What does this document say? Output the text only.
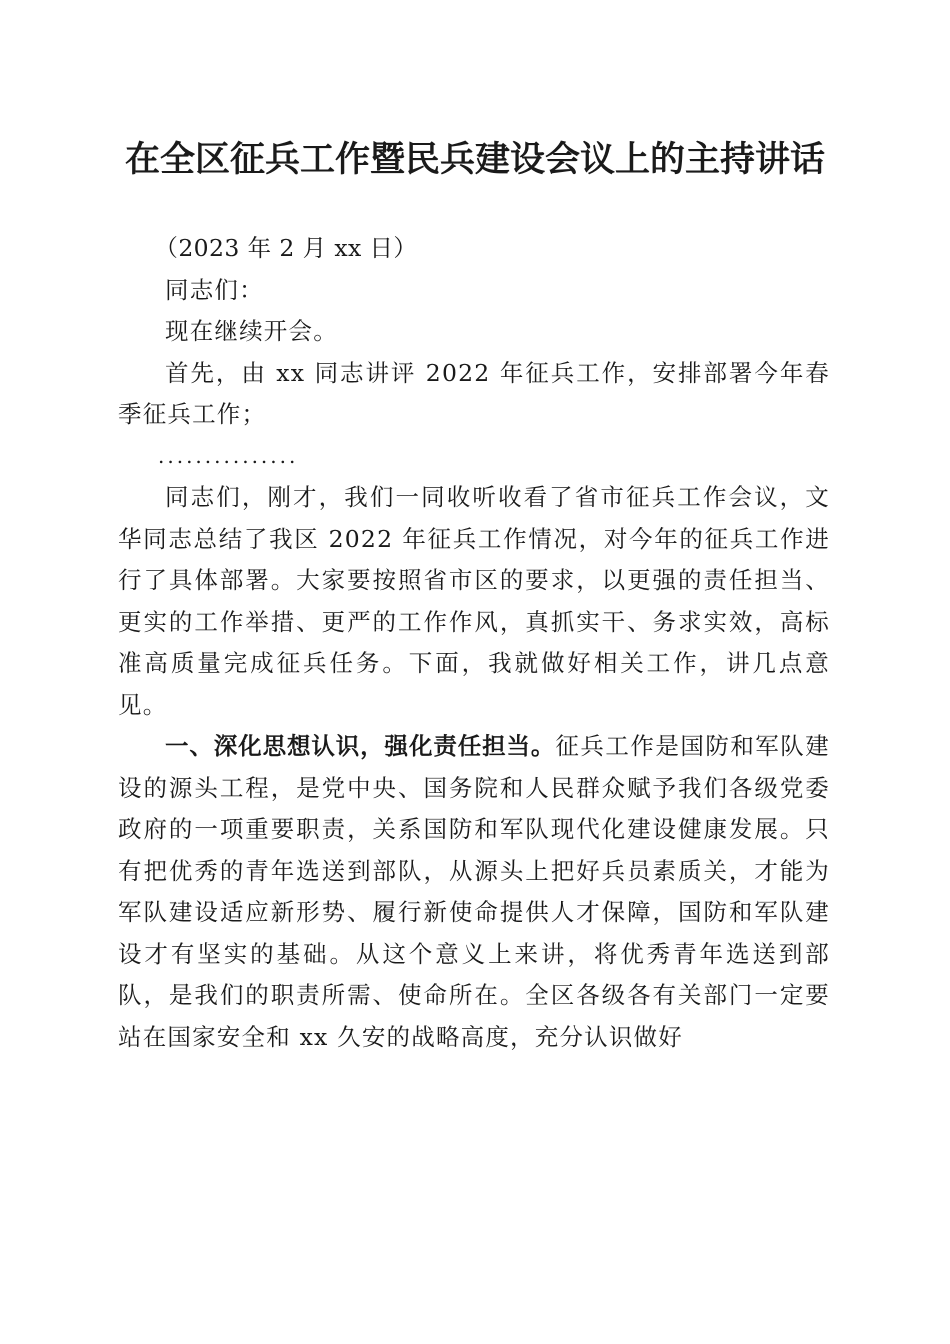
在全区征兵工作暨民兵建设会议上的主持讲话

（2023 年 2 月 xx 日）

同志们：

现在继续开会。

首先，由 xx 同志讲评 2022 年征兵工作，安排部署今年春季征兵工作；

...............

同志们，刚才，我们一同收听收看了省市征兵工作会议，文华同志总结了我区 2022 年征兵工作情况，对今年的征兵工作进行了具体部署。大家要按照省市区的要求，以更强的责任担当、更实的工作举措、更严的工作作风，真抓实干、务求实效，高标准高质量完成征兵任务。下面，我就做好相关工作，讲几点意见。

一、深化思想认识，强化责任担当。征兵工作是国防和军队建设的源头工程，是党中央、国务院和人民群众赋予我们各级党委政府的一项重要职责，关系国防和军队现代化建设健康发展。只有把优秀的青年选送到部队，从源头上把好兵员素质关，才能为军队建设适应新形势、履行新使命提供人才保障，国防和军队建设才有坚实的基础。从这个意义上来讲，将优秀青年选送到部队，是我们的职责所需、使命所在。全区各级各有关部门一定要站在国家安全和 xx 久安的战略高度，充分认识做好
